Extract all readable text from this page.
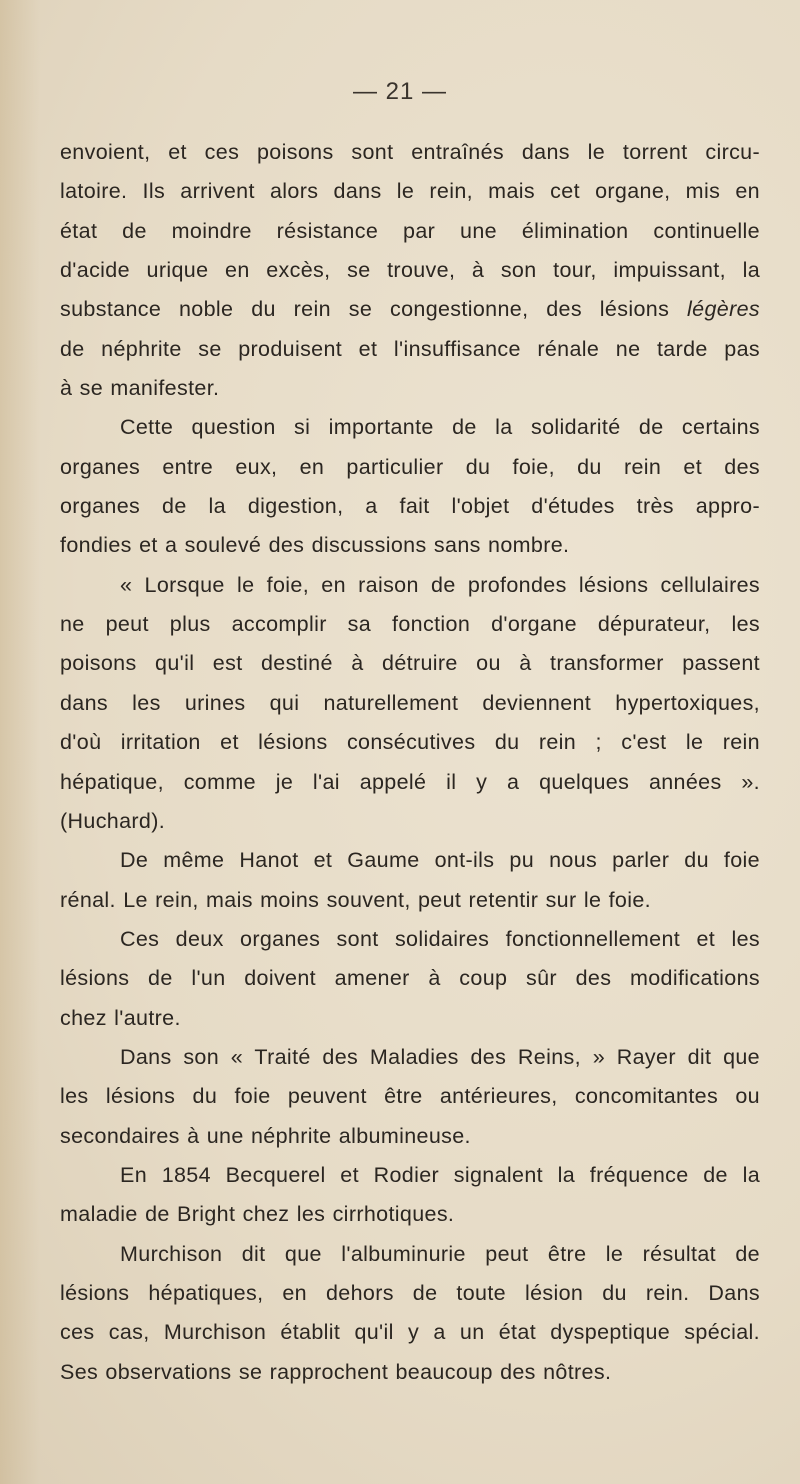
— 21 —
envoient, et ces poisons sont entraînés dans le torrent circu-
latoire. Ils arrivent alors dans le rein, mais cet organe, mis en
état de moindre résistance par une élimination continuelle
d'acide urique en excès, se trouve, à son tour, impuissant, la
substance noble du rein se congestionne, des lésions légères
de néphrite se produisent et l'insuffisance rénale ne tarde pas
à se manifester.
Cette question si importante de la solidarité de certains
organes entre eux, en particulier du foie, du rein et des
organes de la digestion, a fait l'objet d'études très appro-
fondies et a soulevé des discussions sans nombre.
« Lorsque le foie, en raison de profondes lésions cellulaires
ne peut plus accomplir sa fonction d'organe dépurateur, les
poisons qu'il est destiné à détruire ou à transformer passent
dans les urines qui naturellement deviennent hypertoxiques,
d'où irritation et lésions consécutives du rein ; c'est le rein
hépatique, comme je l'ai appelé il y a quelques années ».
(Huchard).
De même Hanot et Gaume ont-ils pu nous parler du foie
rénal. Le rein, mais moins souvent, peut retentir sur le foie.
Ces deux organes sont solidaires fonctionnellement et les
lésions de l'un doivent amener à coup sûr des modifications
chez l'autre.
Dans son « Traité des Maladies des Reins, » Rayer dit que
les lésions du foie peuvent être antérieures, concomitantes ou
secondaires à une néphrite albumineuse.
En 1854 Becquerel et Rodier signalent la fréquence de la
maladie de Bright chez les cirrhotiques.
Murchison dit que l'albuminurie peut être le résultat de
lésions hépatiques, en dehors de toute lésion du rein. Dans
ces cas, Murchison établit qu'il y a un état dyspeptique spécial.
Ses observations se rapprochent beaucoup des nôtres.
